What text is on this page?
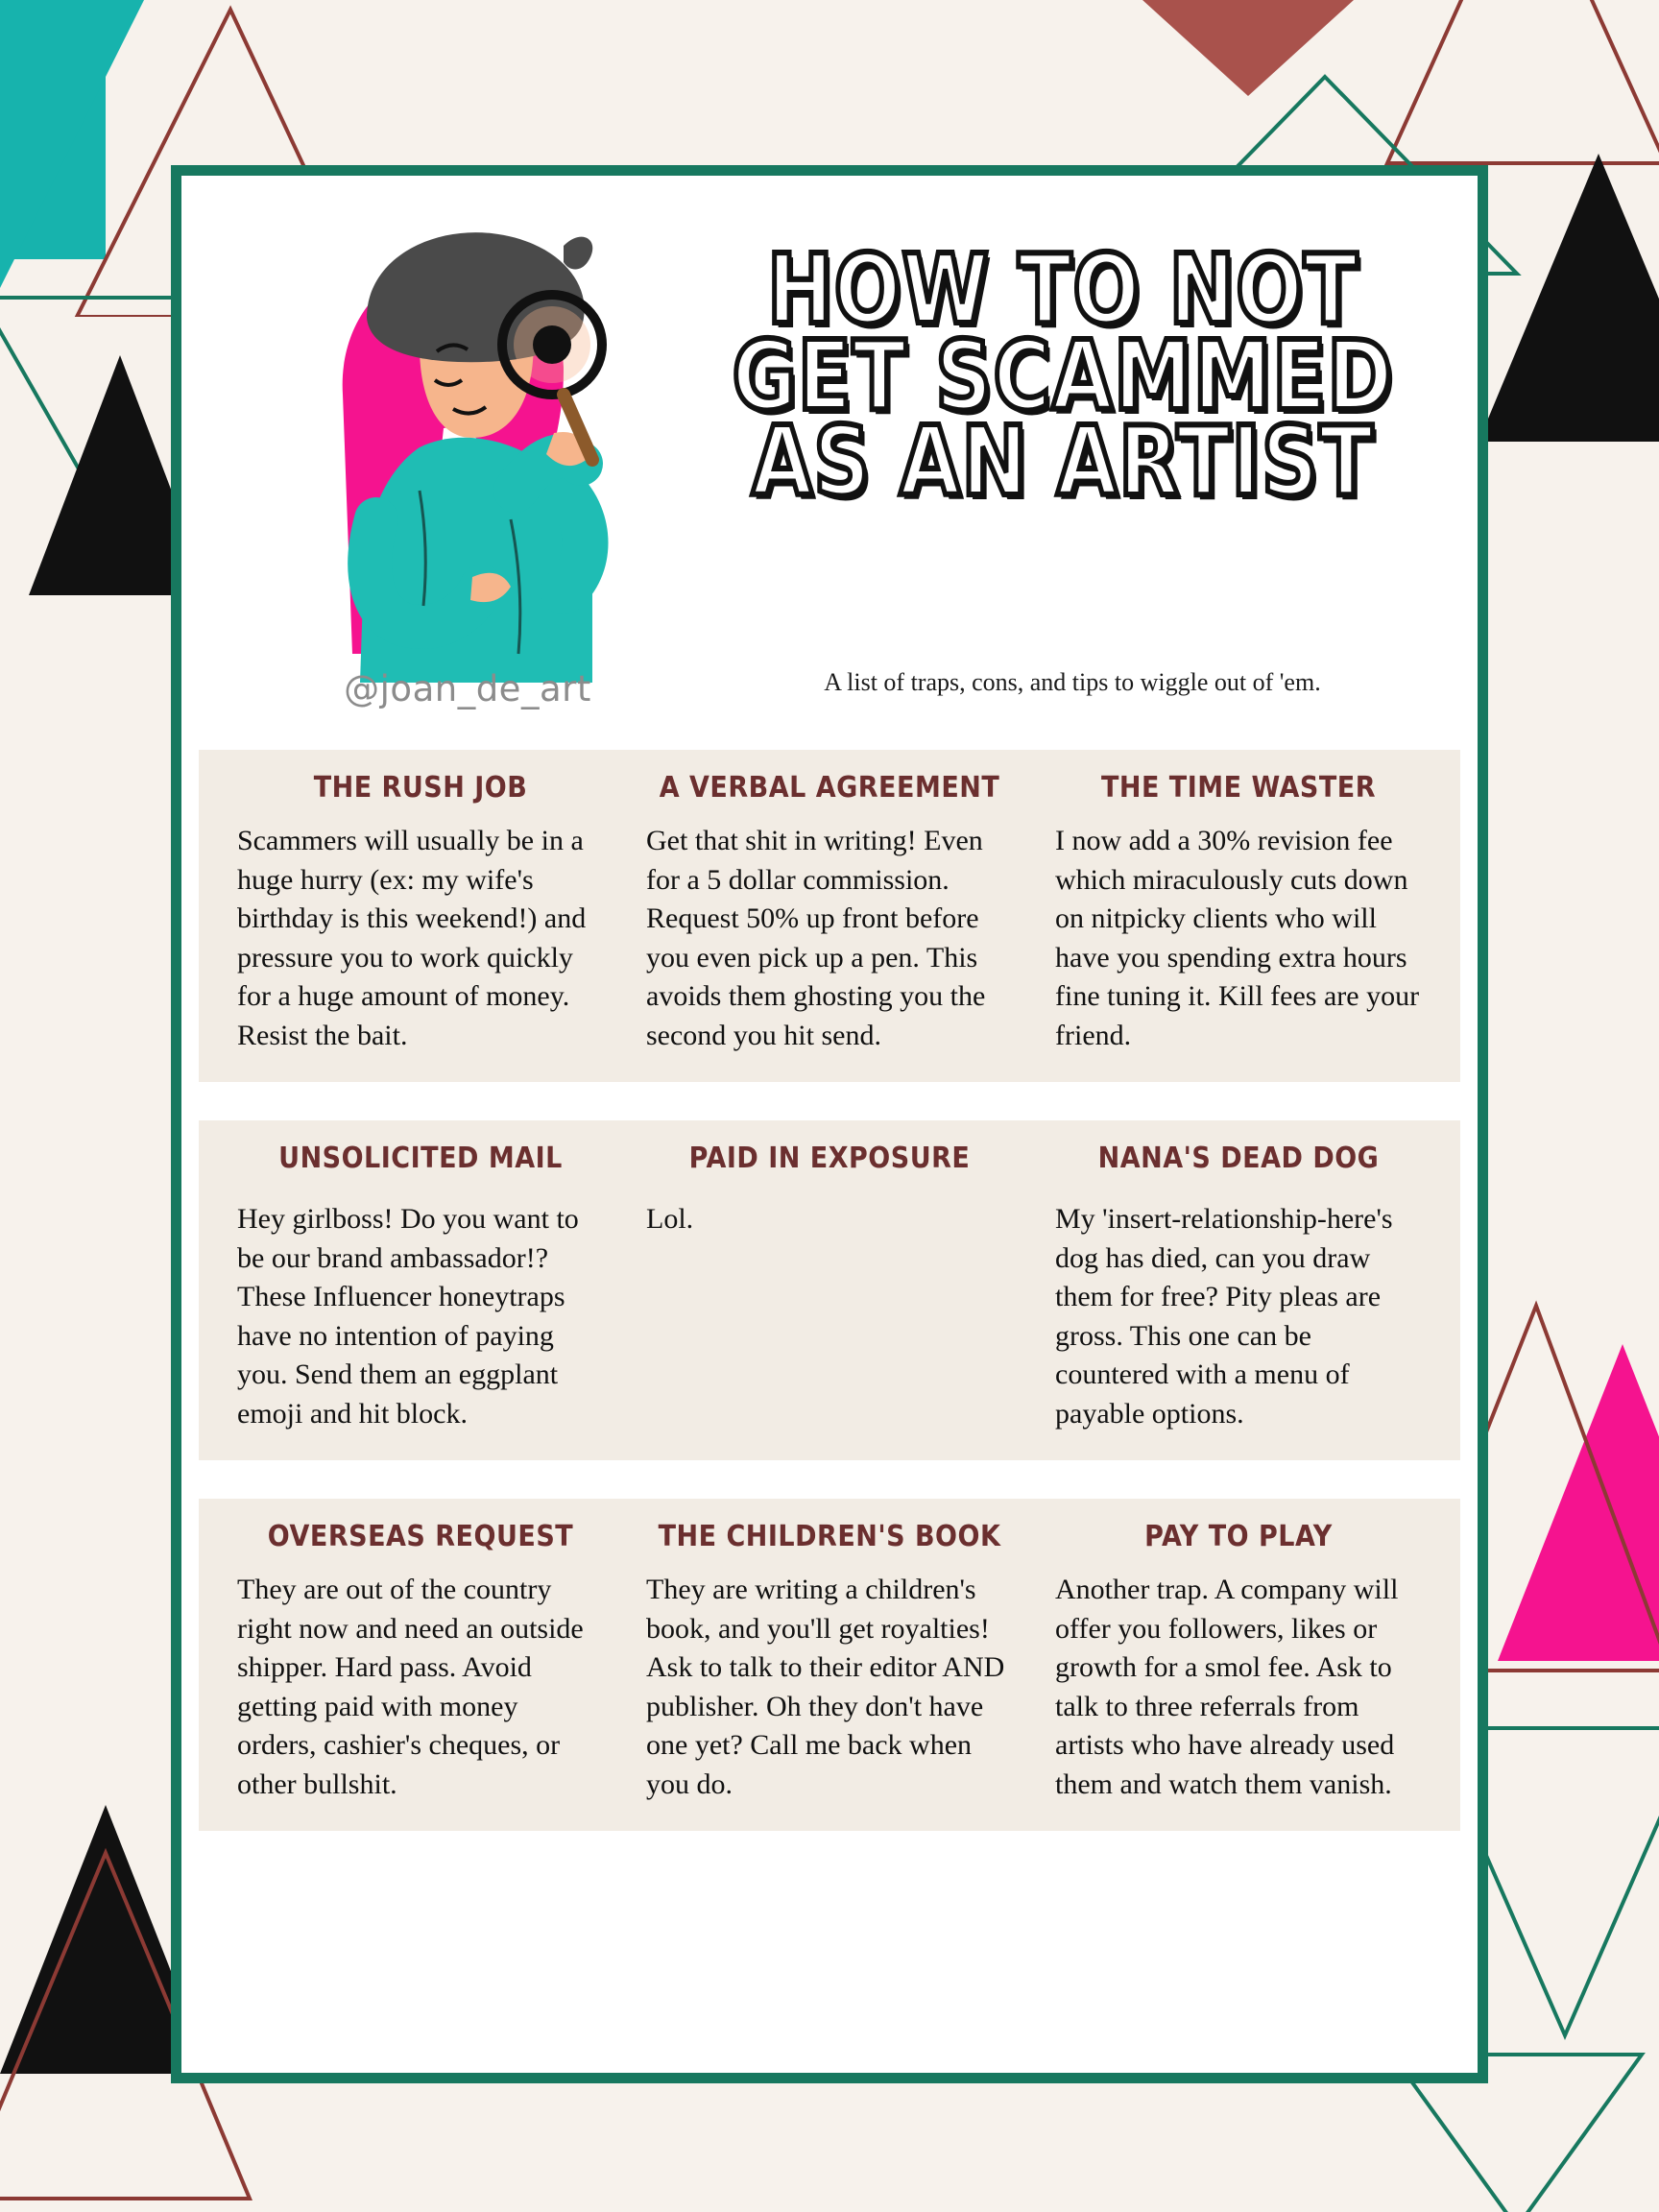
@joan_de_art
HOW TO NOT
GET SCAMMED
AS AN ARTIST
A list of traps, cons, and tips to wiggle out of 'em.
THE RUSH JOB
Scammers will usually be in a huge hurry (ex: my wife's birthday is this weekend!) and pressure you to work quickly for a huge amount of money. Resist the bait.
A VERBAL AGREEMENT
Get that shit in writing! Even for a 5 dollar commission. Request 50% up front before you even pick up a pen. This avoids them ghosting you the second you hit send.
THE TIME WASTER
I now add a 30% revision fee which miraculously cuts down on nitpicky clients who will have you spending extra hours fine tuning it. Kill fees are your friend.
UNSOLICITED MAIL
Hey girlboss! Do you want to be our brand ambassador!? These Influencer honeytraps have no intention of paying you. Send them an eggplant emoji and hit block.
PAID IN EXPOSURE
Lol.
NANA'S DEAD DOG
My 'insert-relationship-here's dog has died, can you draw them for free? Pity pleas are gross. This one can be countered with a menu of payable options.
OVERSEAS REQUEST
They are out of the country right now and need an outside shipper. Hard pass. Avoid getting paid with money orders, cashier's cheques, or other bullshit.
THE CHILDREN'S BOOK
They are writing a children's book, and you'll get royalties! Ask to talk to their editor AND publisher. Oh they don't have one yet? Call me back when you do.
PAY TO PLAY
Another trap. A company will offer you followers, likes or growth for a smol fee. Ask to talk to three referrals from artists who have already used them and watch them vanish.
